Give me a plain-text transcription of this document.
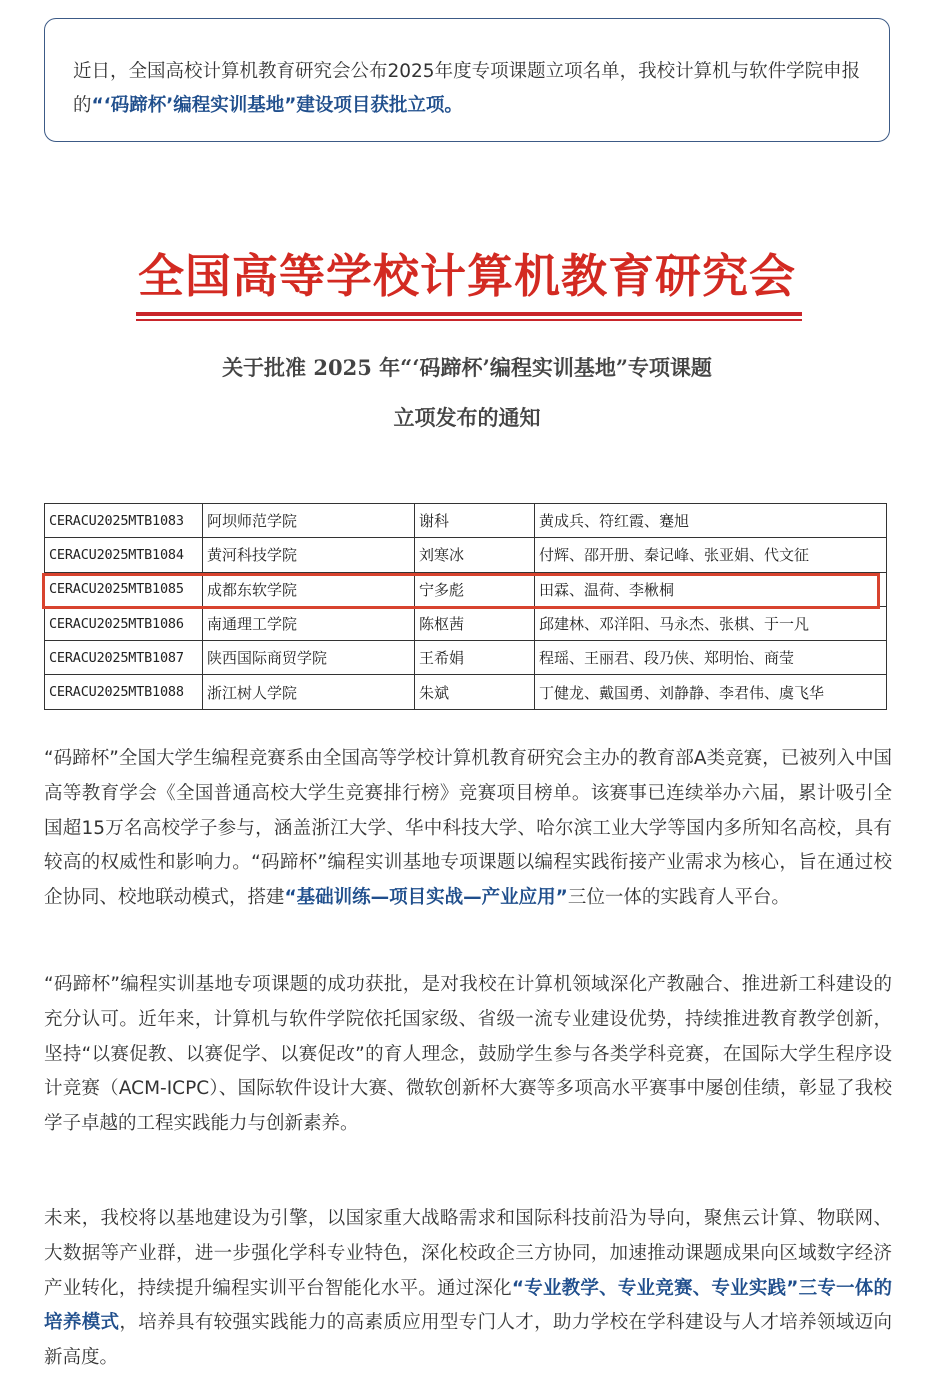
近日，全国高校计算机教育研究会公布2025年度专项课题立项名单，我校计算机与软件学院申报的“‘码蹄杯’编程实训基地”建设项目获批立项。
全国高等学校计算机教育研究会
关于批准 2025 年“‘码蹄杯’编程实训基地”专项课题
立项发布的通知
CERACU2025MTB1083	阿坝师范学院	谢科	黄成兵、符红霞、蹇旭
CERACU2025MTB1084	黄河科技学院	刘寒冰	付辉、邵开册、秦记峰、张亚娟、代文征
CERACU2025MTB1085	成都东软学院	宁多彪	田霖、温荷、李楸桐
CERACU2025MTB1086	南通理工学院	陈枢茜	邱建林、邓洋阳、马永杰、张棋、于一凡
CERACU2025MTB1087	陕西国际商贸学院	王希娟	程瑶、王丽君、段乃侠、郑明怡、商莹
CERACU2025MTB1088	浙江树人学院	朱斌	丁健龙、戴国勇、刘静静、李君伟、虞飞华
“码蹄杯”全国大学生编程竞赛系由全国高等学校计算机教育研究会主办的教育部A类竞赛，已被列入中国高等教育学会《全国普通高校大学生竞赛排行榜》竞赛项目榜单。该赛事已连续举办六届，累计吸引全国超15万名高校学子参与，涵盖浙江大学、华中科技大学、哈尔滨工业大学等国内多所知名高校，具有较高的权威性和影响力。“码蹄杯”编程实训基地专项课题以编程实践衔接产业需求为核心，旨在通过校企协同、校地联动模式，搭建“基础训练—项目实战—产业应用”三位一体的实践育人平台。
“码蹄杯”编程实训基地专项课题的成功获批，是对我校在计算机领域深化产教融合、推进新工科建设的充分认可。近年来，计算机与软件学院依托国家级、省级一流专业建设优势，持续推进教育教学创新，坚持“以赛促教、以赛促学、以赛促改”的育人理念，鼓励学生参与各类学科竞赛，在国际大学生程序设计竞赛（ACM-ICPC）、国际软件设计大赛、微软创新杯大赛等多项高水平赛事中屡创佳绩，彰显了我校学子卓越的工程实践能力与创新素养。
未来，我校将以基地建设为引擎，以国家重大战略需求和国际科技前沿为导向，聚焦云计算、物联网、大数据等产业群，进一步强化学科专业特色，深化校政企三方协同，加速推动课题成果向区域数字经济产业转化，持续提升编程实训平台智能化水平。通过深化“专业教学、专业竞赛、专业实践”三专一体的培养模式，培养具有较强实践能力的高素质应用型专门人才，助力学校在学科建设与人才培养领域迈向新高度。
